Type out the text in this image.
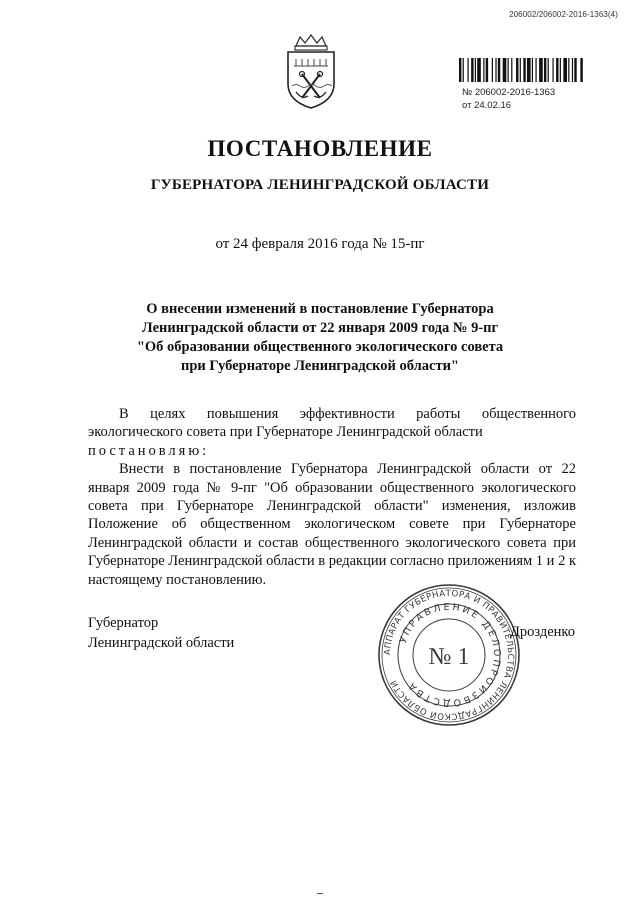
206002/206002-2016-1363(4)
№ 206002-2016-1363
от 24.02.16
ПОСТАНОВЛЕНИЕ
ГУБЕРНАТОРА ЛЕНИНГРАДСКОЙ ОБЛАСТИ
от 24 февраля 2016 года № 15-пг
О внесении изменений в постановление Губернатора
Ленинградской области от 22 января 2009 года № 9-пг
"Об образовании общественного экологического совета
при Губернаторе Ленинградской области"

В целях повышения эффективности работы общественного экологического совета при Губернаторе Ленинградской области

постановляю:

Внести в постановление Губернатора Ленинградской области от 22 января 2009 года № 9-пг "Об образовании общественного экологического совета при Губернаторе Ленинградской области" изменения, изложив Положение об общественном экологическом совете при Губернаторе Ленинградской области и состав общественного экологического совета при Губернаторе Ленинградской области в редакции согласно приложениям 1 и 2 к настоящему постановлению.

Губернатор
Ленинградской области
АППАРАТ ГУБЕРНАТОРА И ПРАВИТЕЛЬСТВА ЛЕНИНГРАДСКОЙ ОБЛАСТИ
УПРАВЛЕНИЕ ДЕЛОПРОИЗВОДСТВА
№ 1
Дрозденко
